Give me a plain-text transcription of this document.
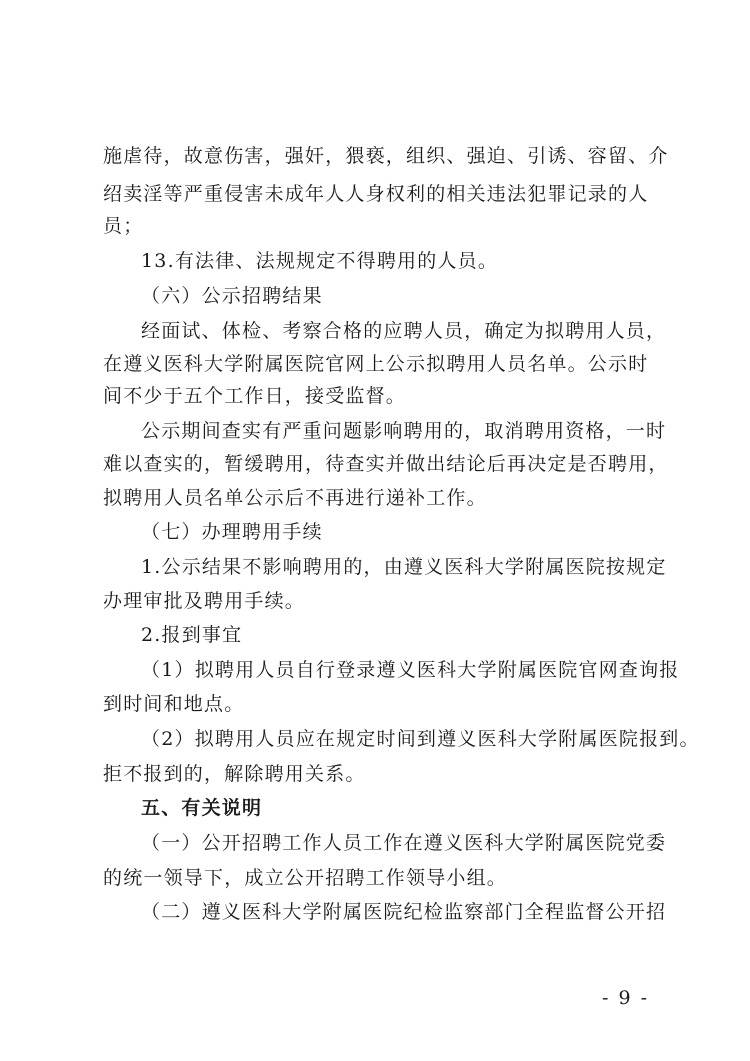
施虐待，故意伤害，强奸，猥亵，组织、强迫、引诱、容留、介
绍卖淫等严重侵害未成年人人身权利的相关违法犯罪记录的人
员；
13.有法律、法规规定不得聘用的人员。
（六）公示招聘结果
经面试、体检、考察合格的应聘人员，确定为拟聘用人员，
在遵义医科大学附属医院官网上公示拟聘用人员名单。公示时
间不少于五个工作日，接受监督。
公示期间查实有严重问题影响聘用的，取消聘用资格，一时
难以查实的，暂缓聘用，待查实并做出结论后再决定是否聘用，
拟聘用人员名单公示后不再进行递补工作。
（七）办理聘用手续
1.公示结果不影响聘用的，由遵义医科大学附属医院按规定
办理审批及聘用手续。
2.报到事宜
（1）拟聘用人员自行登录遵义医科大学附属医院官网查询报
到时间和地点。
（2）拟聘用人员应在规定时间到遵义医科大学附属医院报到。
拒不报到的，解除聘用关系。
五、有关说明
（一）公开招聘工作人员工作在遵义医科大学附属医院党委
的统一领导下，成立公开招聘工作领导小组。
（二）遵义医科大学附属医院纪检监察部门全程监督公开招
- 9 -
